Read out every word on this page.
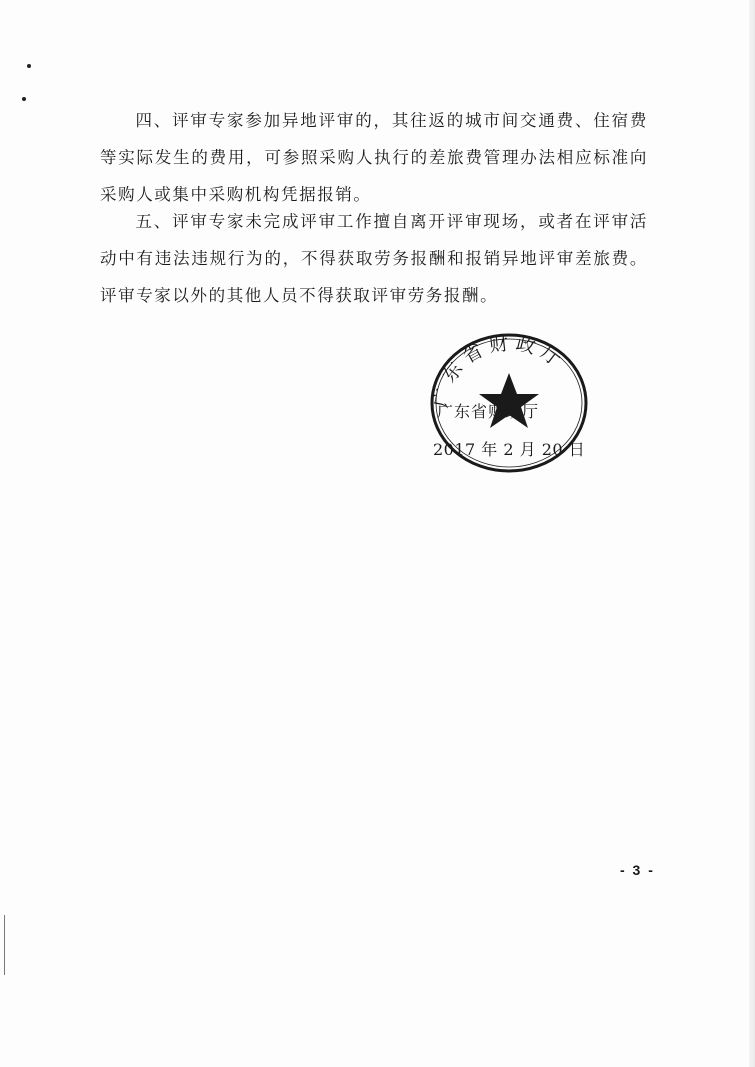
四、评审专家参加异地评审的，其往返的城市间交通费、住宿费等实际发生的费用，可参照采购人执行的差旅费管理办法相应标准向采购人或集中采购机构凭据报销。

五、评审专家未完成评审工作擅自离开评审现场，或者在评审活动中有违法违规行为的，不得获取劳务报酬和报销异地评审差旅费。评审专家以外的其他人员不得获取评审劳务报酬。

广东省财政厅
广东省财政厅
2017 年 2 月 20 日
- 3 -
